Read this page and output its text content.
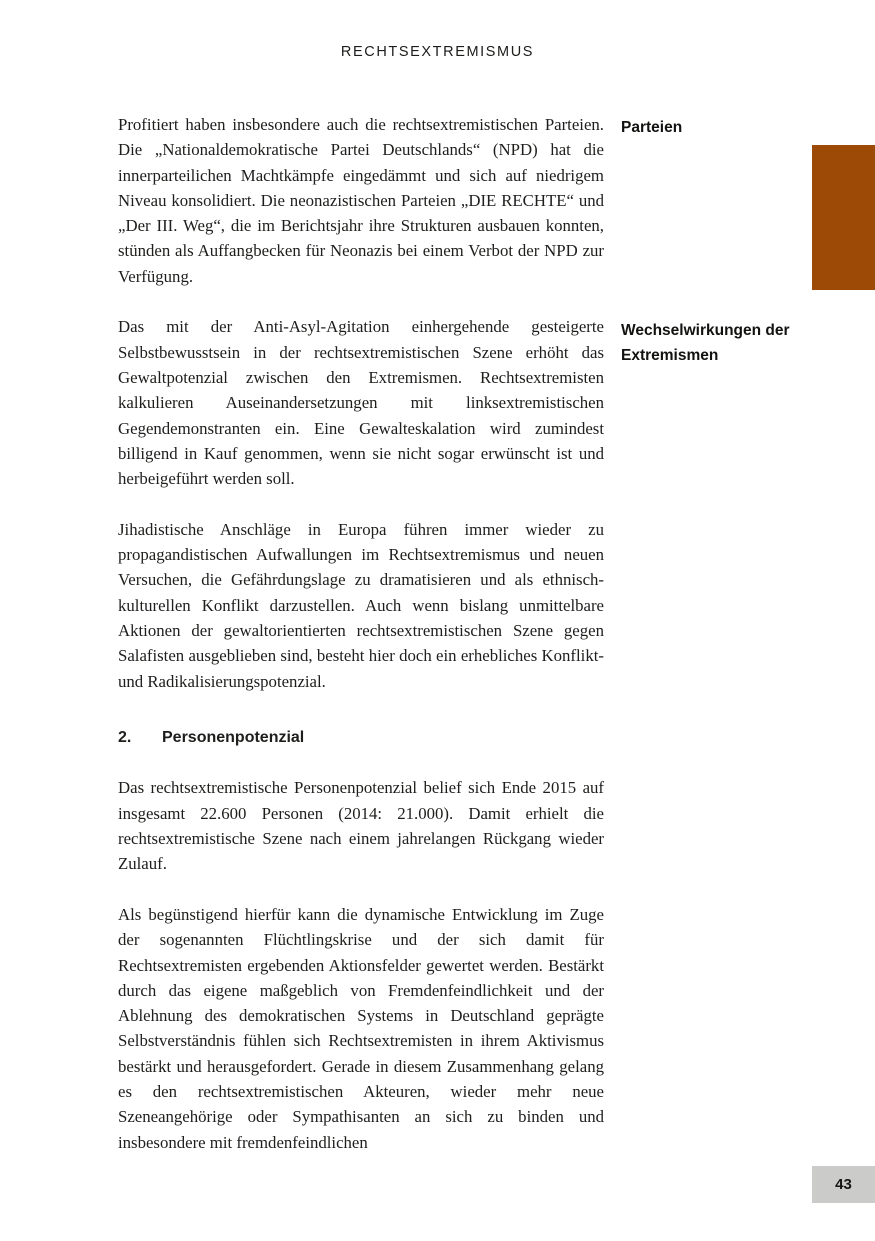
RECHTSEXTREMISMUS

Profitiert haben insbesondere auch die rechtsextremistischen Parteien. Die „Nationaldemokratische Partei Deutschlands“ (NPD) hat die innerparteilichen Machtkämpfe eingedämmt und sich auf niedrigem Niveau konsolidiert. Die neonazistischen Parteien „DIE RECHTE“ und „Der III. Weg“, die im Berichtsjahr ihre Strukturen ausbauen konnten, stünden als Auffangbecken für Neonazis bei einem Verbot der NPD zur Verfügung.

Das mit der Anti-Asyl-Agitation einhergehende gesteigerte Selbstbewusstsein in der rechtsextremistischen Szene erhöht das Gewaltpotenzial zwischen den Extremismen. Rechtsextremisten kalkulieren Auseinandersetzungen mit linksextremistischen Gegendemonstranten ein. Eine Gewalteskalation wird zumindest billigend in Kauf genommen, wenn sie nicht sogar erwünscht ist und herbeigeführt werden soll.

Jihadistische Anschläge in Europa führen immer wieder zu propagandistischen Aufwallungen im Rechtsextremismus und neuen Versuchen, die Gefährdungslage zu dramatisieren und als ethnisch-kulturellen Konflikt darzustellen. Auch wenn bislang unmittelbare Aktionen der gewaltorientierten rechtsextremistischen Szene gegen Salafisten ausgeblieben sind, besteht hier doch ein erhebliches Konflikt- und Radikalisierungspotenzial.

2. Personenpotenzial

Das rechtsextremistische Personenpotenzial belief sich Ende 2015 auf insgesamt 22.600 Personen (2014: 21.000). Damit erhielt die rechtsextremistische Szene nach einem jahrelangen Rückgang wieder Zulauf.

Als begünstigend hierfür kann die dynamische Entwicklung im Zuge der sogenannten Flüchtlingskrise und der sich damit für Rechtsextremisten ergebenden Aktionsfelder gewertet werden. Bestärkt durch das eigene maßgeblich von Fremdenfeindlichkeit und der Ablehnung des demokratischen Systems in Deutschland geprägte Selbstverständnis fühlen sich Rechtsextremisten in ihrem Aktivismus bestärkt und herausgefordert. Gerade in diesem Zusammenhang gelang es den rechtsextremistischen Akteuren, wieder mehr neue Szeneangehörige oder Sympathisanten an sich zu binden und insbesondere mit fremdenfeindlichen

Parteien
Wechselwirkungen der Extremismen
43
